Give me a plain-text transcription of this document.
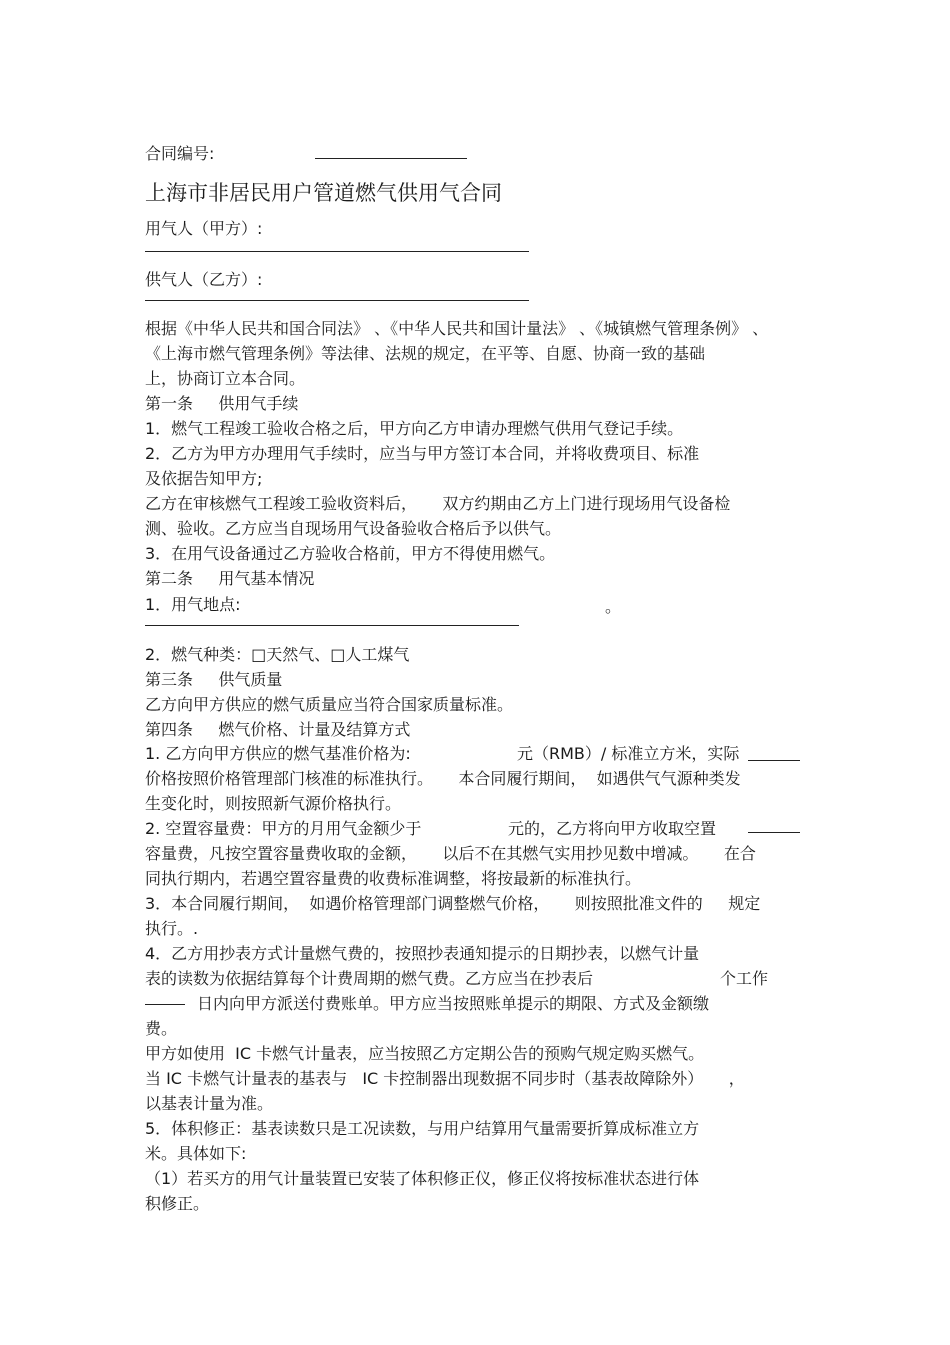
合同编号:
上海市非居民用户管道燃气供用气合同
用气人（甲方）:
供气人（乙方）:
根据《中华人民共和国合同法》 、《中华人民共和国计量法》 、《城镇燃气管理条例》 、
《上海市燃气管理条例》等法律、法规的规定，在平等、自愿、协商一致的基础
上，协商订立本合同。
第一条     供用气手续
1．燃气工程竣工验收合格之后，甲方向乙方申请办理燃气供用气登记手续。
2．乙方为甲方办理用气手续时，应当与甲方签订本合同，并将收费项目、标准
及依据告知甲方;
乙方在审核燃气工程竣工验收资料后，     双方约期由乙方上门进行现场用气设备检
测、验收。乙方应当自现场用气设备验收合格后予以供气。
3．在用气设备通过乙方验收合格前，甲方不得使用燃气。
第二条     用气基本情况
1．用气地点:	。
2．燃气种类：□天然气、□人工煤气
第三条     供气质量
乙方向甲方供应的燃气质量应当符合国家质量标准。
第四条     燃气价格、计量及结算方式
1. 乙方向甲方供应的燃气基准价格为:	元（RMB）/ 标准立方米，实际
价格按照价格管理部门核准的标准执行。     本合同履行期间，  如遇供气气源种类发
生变化时，则按照新气源价格执行。
2. 空置容量费：甲方的月用气金额少于	元的，乙方将向甲方收取空置
容量费，凡按空置容量费收取的金额，     以后不在其燃气实用抄见数中增减。     在合
同执行期内，若遇空置容量费的收费标准调整，将按最新的标准执行。
3．本合同履行期间，  如遇价格管理部门调整燃气价格，     则按照批准文件的     规定
执行。.
4．乙方用抄表方式计量燃气费的，按照抄表通知提示的日期抄表，以燃气计量
表的读数为依据结算每个计费周期的燃气费。乙方应当在抄表后	个工作
日内向甲方派送付费账单。甲方应当按照账单提示的期限、方式及金额缴
费。
甲方如使用  IC 卡燃气计量表，应当按照乙方定期公告的预购气规定购买燃气。
当 IC 卡燃气计量表的基表与   IC 卡控制器出现数据不同步时（基表故障除外）     ，
以基表计量为准。
5．体积修正：基表读数只是工况读数，与用户结算用气量需要折算成标准立方
米。具体如下:
（1）若买方的用气计量装置已安装了体积修正仪，修正仪将按标准状态进行体
积修正。
